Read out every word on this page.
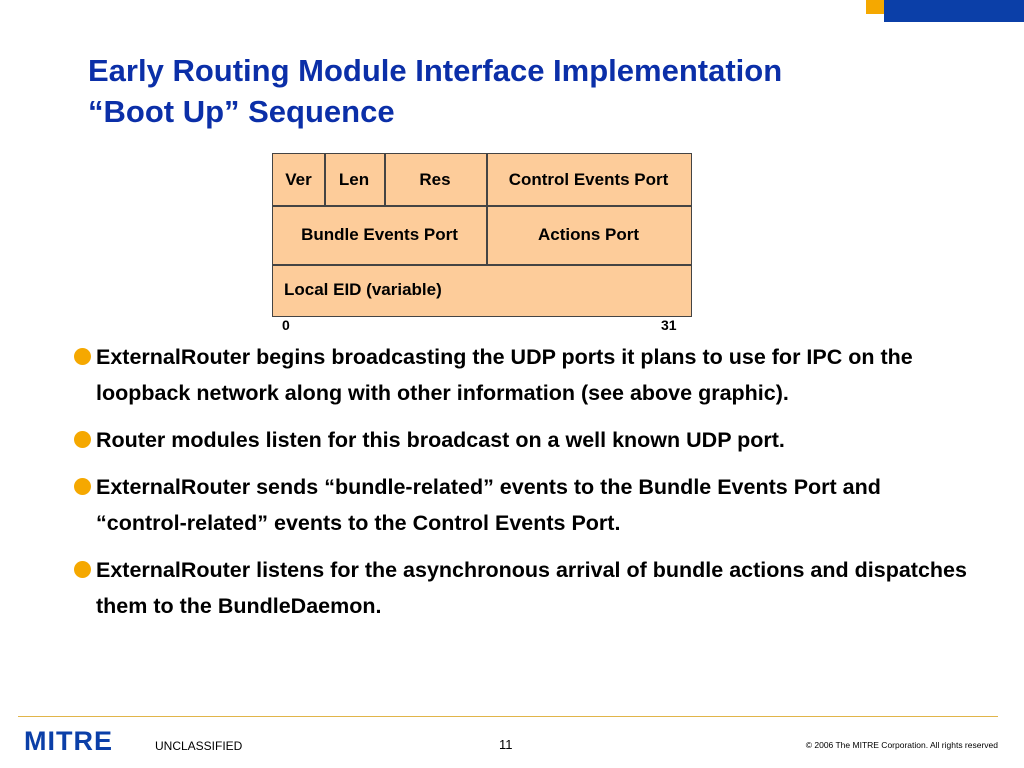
Early Routing Module Interface Implementation
“Boot Up” Sequence
Ver	Len	Res	Control Events Port
Bundle Events Port	Actions Port
Local EID (variable)
0	31
ExternalRouter begins broadcasting the UDP ports it plans to use for IPC on the loopback network along with other information (see above graphic).
Router modules listen for this broadcast on a well known UDP port.
ExternalRouter sends “bundle-related” events to the Bundle Events Port and “control-related” events to the Control Events Port.
ExternalRouter listens for the asynchronous arrival of bundle actions and dispatches them to the BundleDaemon.
MITRE	UNCLASSIFIED	11	© 2006 The MITRE Corporation. All rights reserved
